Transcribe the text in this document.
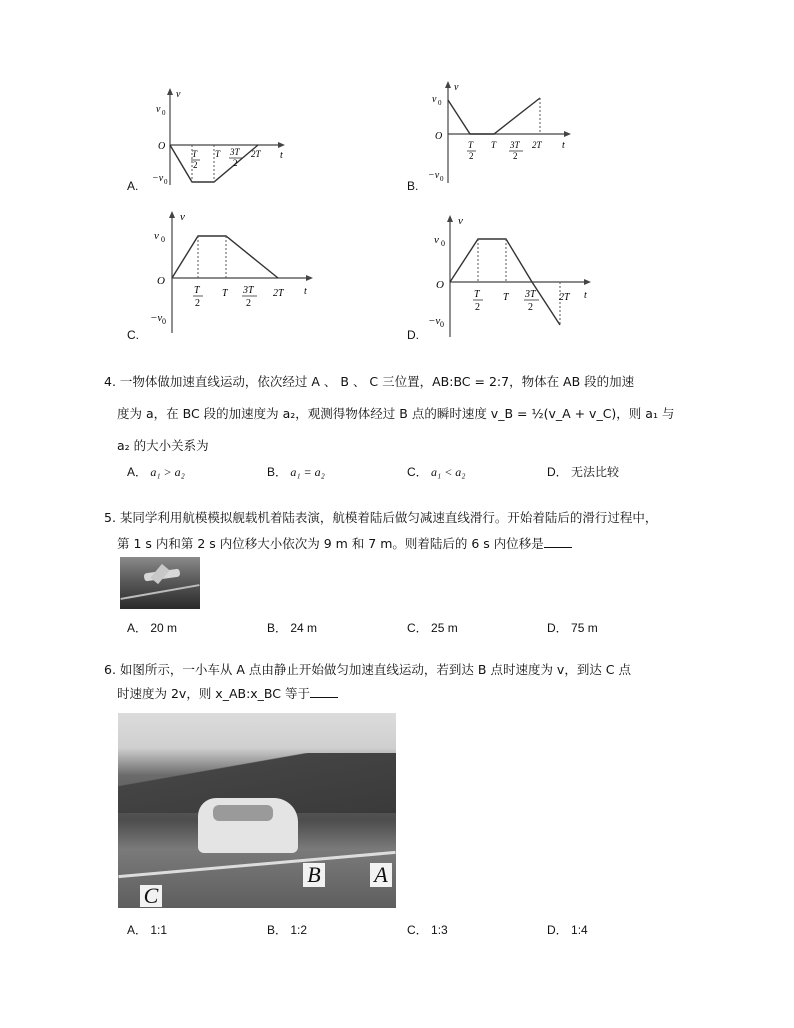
v
t
O
v 0
−v 0
T
2
T 3T
2
2T
A.
v
t
O
v 0
−v 0
T
2
T 3T
2
2T
B.
v
t
O
v 0
−v 0
T
2
T 3T
2
2T
C.
v
t
O
v 0
−v 0
T
2
T 3T
2
2T
D.
4. 一物体做加速直线运动，依次经过 A 、 B 、 C 三位置，AB:BC = 2:7，物体在 AB 段的加速
度为 a，在 BC 段的加速度为 a₂，观测得物体经过 B 点的瞬时速度 v_B = ½(v_A + v_C)，则 a₁ 与
a₂ 的大小关系为
A． a₁ > a₂	B． a₁ = a₂	C． a₁ < a₂	D． 无法比较
5. 某同学利用航模模拟舰载机着陆表演，航模着陆后做匀减速直线滑行。开始着陆后的滑行过程中，
第 1 s 内和第 2 s 内位移大小依次为 9 m 和 7 m。则着陆后的 6 s 内位移是
A． 20 m	B． 24 m	C． 25 m	D． 75 m
6. 如图所示，一小车从 A 点由静止开始做匀加速直线运动，若到达 B 点时速度为 v，到达 C 点
时速度为 2v，则 x_AB:x_BC 等于
B A
C
A． 1:1	B． 1:2	C． 1:3	D． 1:4
